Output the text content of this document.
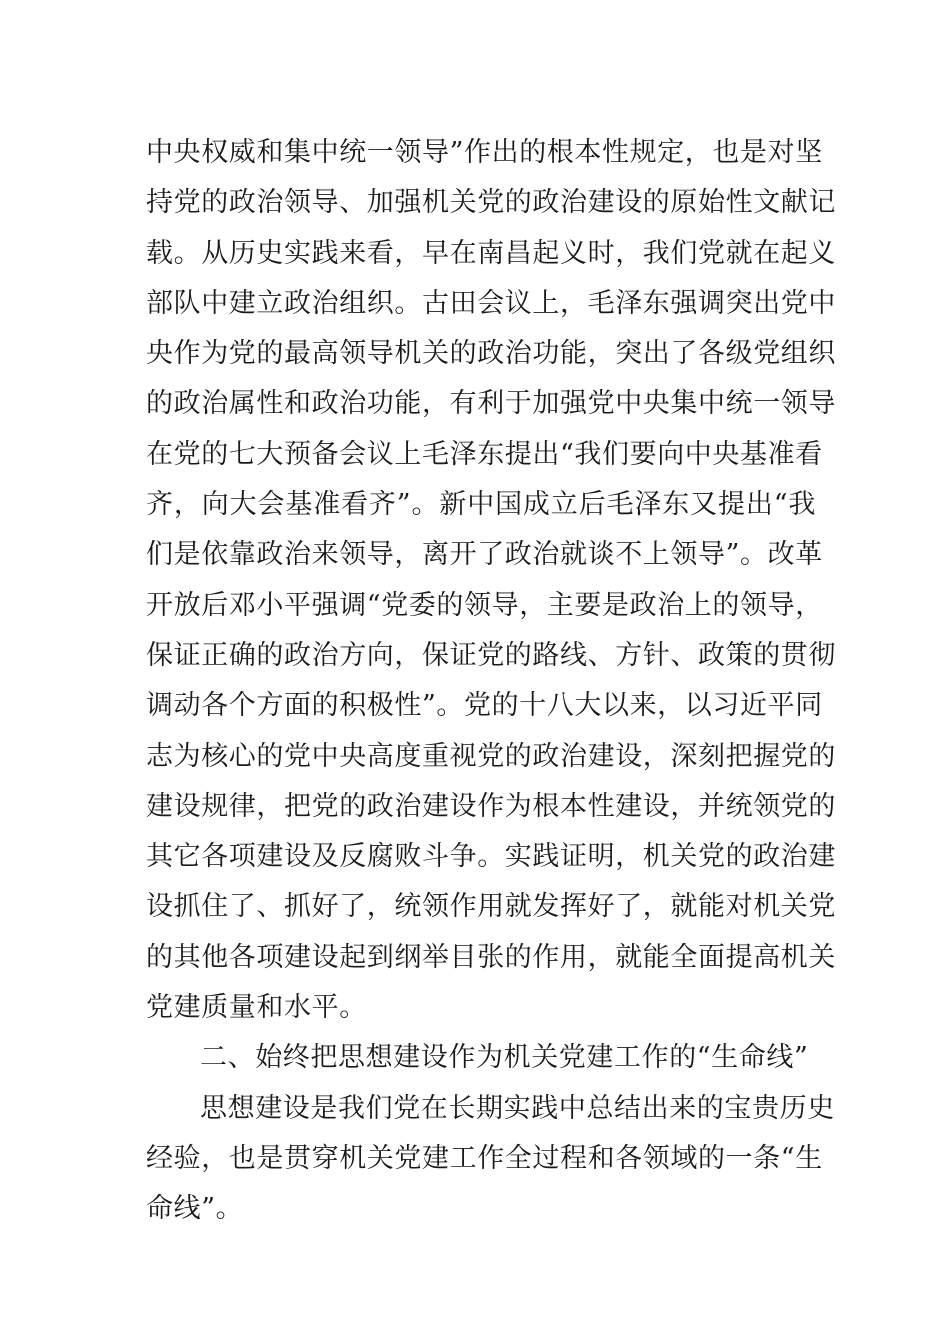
中央权威和集中统一领导”作出的根本性规定，也是对坚
持党的政治领导、加强机关党的政治建设的原始性文献记
载。从历史实践来看，早在南昌起义时，我们党就在起义
部队中建立政治组织。古田会议上，毛泽东强调突出党中
央作为党的最高领导机关的政治功能，突出了各级党组织
的政治属性和政治功能，有利于加强党中央集中统一领导
在党的七大预备会议上毛泽东提出“我们要向中央基准看
齐，向大会基准看齐”。新中国成立后毛泽东又提出“我
们是依靠政治来领导，离开了政治就谈不上领导”。改革
开放后邓小平强调“党委的领导，主要是政治上的领导，
保证正确的政治方向，保证党的路线、方针、政策的贯彻
调动各个方面的积极性”。党的十八大以来，以习近平同
志为核心的党中央高度重视党的政治建设，深刻把握党的
建设规律，把党的政治建设作为根本性建设，并统领党的
其它各项建设及反腐败斗争。实践证明，机关党的政治建
设抓住了、抓好了，统领作用就发挥好了，就能对机关党
的其他各项建设起到纲举目张的作用，就能全面提高机关
党建质量和水平。
二、始终把思想建设作为机关党建工作的“生命线”
思想建设是我们党在长期实践中总结出来的宝贵历史
经验，也是贯穿机关党建工作全过程和各领域的一条“生
命线”。
